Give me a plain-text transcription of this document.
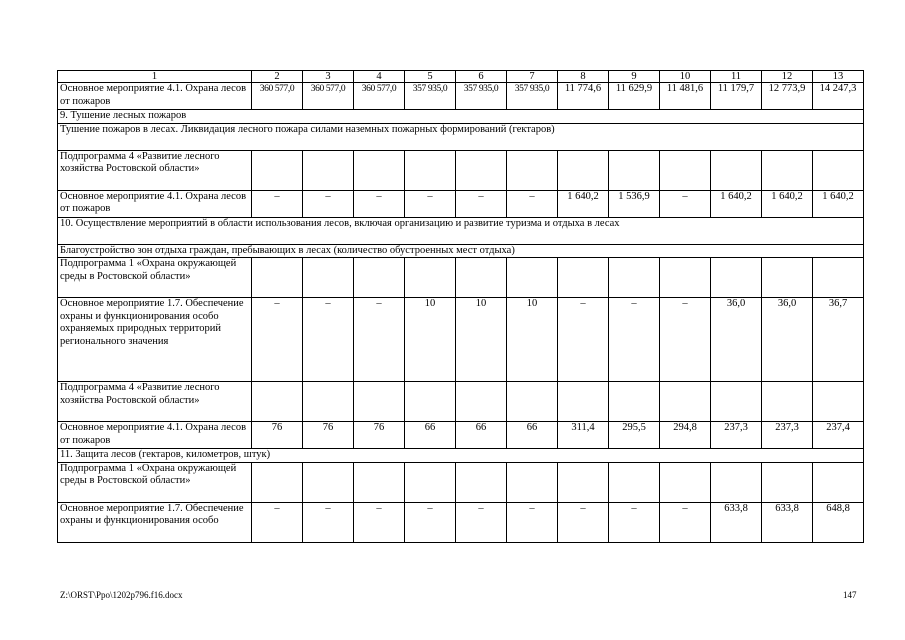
1	2	3	4	5	6	7	8	9	10	11	12	13
Основное мероприятие 4.1. Охрана лесов от пожаров	360 577,0	360 577,0	360 577,0	357 935,0	357 935,0	357 935,0	11 774,6	11 629,9	11 481,6	11 179,7	12 773,9	14 247,3
9. Тушение лесных пожаров												
Тушение пожаров в лесах. Ликвидация лесного пожара силами наземных пожарных формирований (гектаров)												
Подпрограмма 4 «Развитие лесного хозяйства Ростовской области»												
Основное мероприятие 4.1. Охрана лесов от пожаров	–	–	–	–	–	–	1 640,2	1 536,9	–	1 640,2	1 640,2	1 640,2
10. Осуществление мероприятий в области использования лесов, включая организацию и развитие туризма и отдыха в лесах												
Благоустройство зон отдыха граждан, пребывающих в лесах (количество обустроенных мест отдыха)												
Подпрограмма 1 «Охрана окружающей среды в Ростовской области»												
Основное мероприятие 1.7. Обеспечение охраны и функционирования особо охраняемых природных территорий регионального значения	–	–	–	10	10	10	–	–	–	36,0	36,0	36,7
Подпрограмма 4 «Развитие лесного хозяйства Ростовской области»												
Основное мероприятие 4.1. Охрана лесов от пожаров	76	76	76	66	66	66	311,4	295,5	294,8	237,3	237,3	237,4
11. Защита лесов (гектаров, километров, штук)												
Подпрограмма 1 «Охрана окружающей среды в Ростовской области»												
Основное мероприятие 1.7. Обеспечение охраны и функционирования особо	–	–	–	–	–	–	–	–	–	633,8	633,8	648,8
Z:\ORST\Ppo\1202p796.f16.docx	147
